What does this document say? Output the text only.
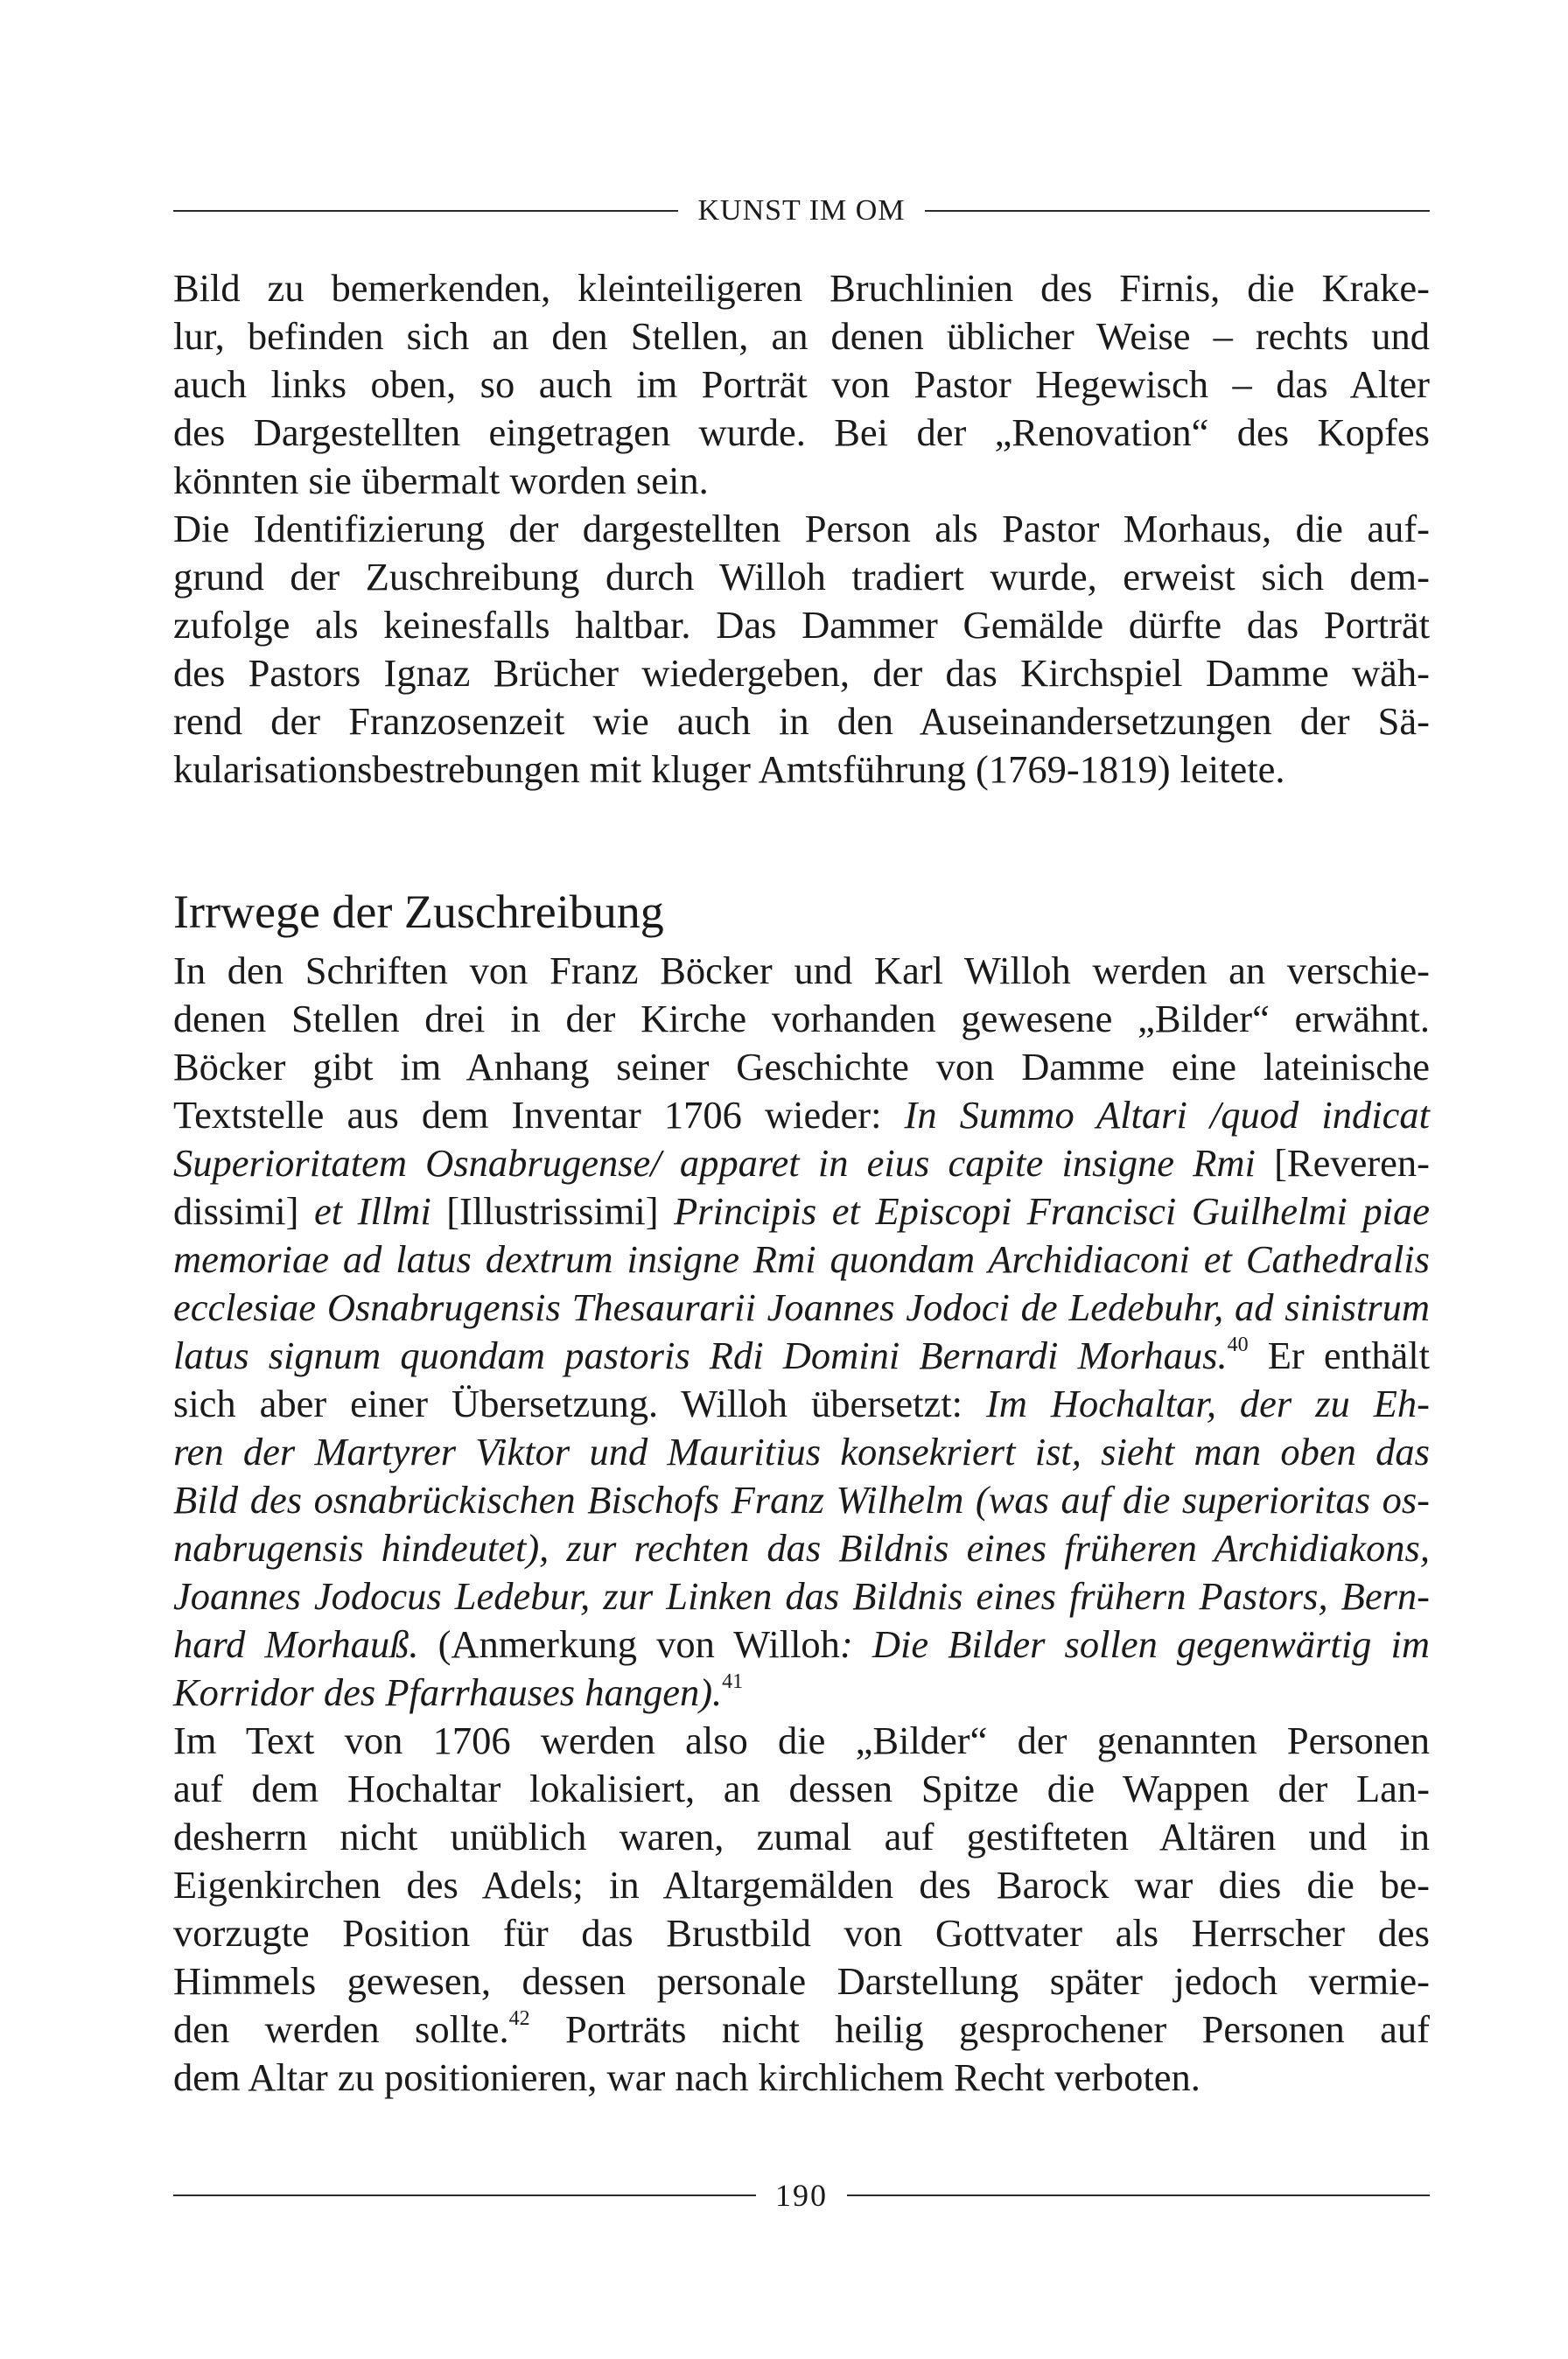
KUNST IM OM

Bild zu bemerkenden, kleinteiligeren Bruchlinien des Firnis, die Krake-
lur, befinden sich an den Stellen, an denen üblicher Weise – rechts und
auch links oben, so auch im Porträt von Pastor Hegewisch – das Alter
des Dargestellten eingetragen wurde. Bei der „Renovation“ des Kopfes
könnten sie übermalt worden sein.

Die Identifizierung der dargestellten Person als Pastor Morhaus, die auf-
grund der Zuschreibung durch Willoh tradiert wurde, erweist sich dem-
zufolge als keinesfalls haltbar. Das Dammer Gemälde dürfte das Porträt
des Pastors Ignaz Brücher wiedergeben, der das Kirchspiel Damme wäh-
rend der Franzosenzeit wie auch in den Auseinandersetzungen der Sä-
kularisationsbestrebungen mit kluger Amtsführung (1769-1819) leitete.

Irrwege der Zuschreibung

In den Schriften von Franz Böcker und Karl Willoh werden an verschie-
denen Stellen drei in der Kirche vorhanden gewesene „Bilder“ erwähnt.
Böcker gibt im Anhang seiner Geschichte von Damme eine lateinische
Textstelle aus dem Inventar 1706 wieder: In Summo Altari /quod indicat
Superioritatem Osnabrugense/ apparet in eius capite insigne Rmi [Reveren-
dissimi] et Illmi [Illustrissimi] Principis et Episcopi Francisci Guilhelmi piae
memoriae ad latus dextrum insigne Rmi quondam Archidiaconi et Cathedralis
ecclesiae Osnabrugensis Thesaurarii Joannes Jodoci de Ledebuhr, ad sinistrum
latus signum quondam pastoris Rdi Domini Bernardi Morhaus.$^{40}$ Er enthält
sich aber einer Übersetzung. Willoh übersetzt: Im Hochaltar, der zu Eh-
ren der Martyrer Viktor und Mauritius konsekriert ist, sieht man oben das
Bild des osnabrückischen Bischofs Franz Wilhelm (was auf die superioritas os-
nabrugensis hindeutet), zur rechten das Bildnis eines früheren Archidiakons,
Joannes Jodocus Ledebur, zur Linken das Bildnis eines frühern Pastors, Bern-
hard Morhauß. (Anmerkung von Willoh: Die Bilder sollen gegenwärtig im
Korridor des Pfarrhauses hangen).$^{41}$

Im Text von 1706 werden also die „Bilder“ der genannten Personen
auf dem Hochaltar lokalisiert, an dessen Spitze die Wappen der Lan-
desherrn nicht unüblich waren, zumal auf gestifteten Altären und in
Eigenkirchen des Adels; in Altargemälden des Barock war dies die be-
vorzugte Position für das Brustbild von Gottvater als Herrscher des
Himmels gewesen, dessen personale Darstellung später jedoch vermie-
den werden sollte.$^{42}$ Porträts nicht heilig gesprochener Personen auf
dem Altar zu positionieren, war nach kirchlichem Recht verboten.

190
